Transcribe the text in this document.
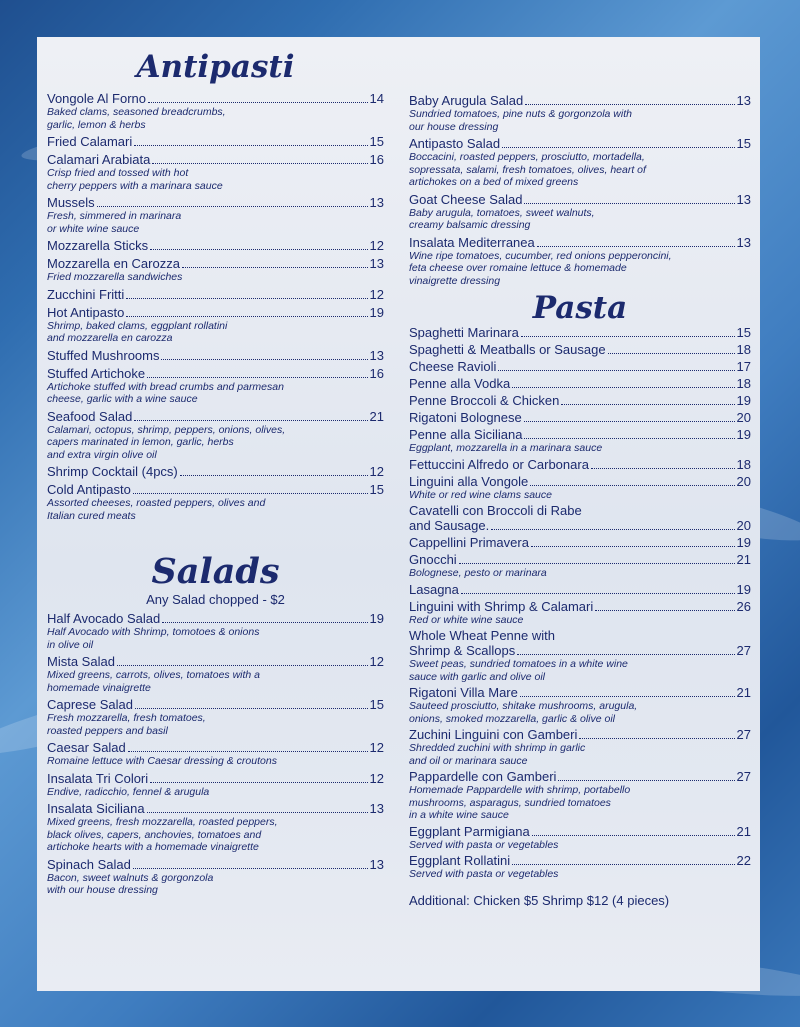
Antipasti
Vongole Al Forno	14
Baked clams, seasoned breadcrumbs,
garlic, lemon & herbs
Fried Calamari	15
Calamari Arabiata	16
Crisp fried and tossed with hot
cherry peppers with a marinara sauce
Mussels	13
Fresh, simmered in marinara
or white wine sauce
Mozzarella Sticks	12
Mozzarella en Carozza	13
Fried mozzarella sandwiches
Zucchini Fritti	12
Hot Antipasto	19
Shrimp, baked clams, eggplant rollatini
and mozzarella en carozza
Stuffed Mushrooms	13
Stuffed Artichoke	16
Artichoke stuffed with bread crumbs and parmesan
cheese, garlic with a wine sauce
Seafood Salad	21
Calamari, octopus, shrimp, peppers, onions, olives,
capers marinated in lemon, garlic, herbs
and extra virgin olive oil
Shrimp Cocktail (4pcs)	12
Cold Antipasto	15
Assorted cheeses, roasted peppers, olives and
Italian cured meats
Salads
Any Salad chopped - $2
Half Avocado Salad	19
Half Avocado with Shrimp, tomotoes & onions
in olive oil
Mista Salad	12
Mixed greens, carrots, olives, tomatoes with a
homemade vinaigrette
Caprese Salad	15
Fresh mozzarella, fresh tomatoes,
roasted peppers and basil
Caesar Salad	12
Romaine lettuce with Caesar dressing & croutons
Insalata Tri Colori	12
Endive, radicchio, fennel & arugula
Insalata Siciliana	13
Mixed greens, fresh mozzarella, roasted peppers,
black olives, capers, anchovies, tomatoes and
artichoke hearts with a homemade vinaigrette
Spinach Salad	13
Bacon, sweet walnuts & gorgonzola
with our house dressing
Baby Arugula Salad	13
Sundried tomatoes, pine nuts & gorgonzola with
our house dressing
Antipasto Salad	15
Boccacini, roasted peppers, prosciutto, mortadella,
sopressata, salami, fresh tomatoes, olives, heart of
artichokes on a bed of mixed greens
Goat Cheese Salad	13
Baby arugula, tomatoes, sweet walnuts,
creamy balsamic dressing
Insalata Mediterranea	13
Wine ripe tomatoes, cucumber, red onions pepperoncini,
feta cheese over romaine lettuce & homemade
vinaigrette dressing
Pasta
Spaghetti Marinara	15
Spaghetti & Meatballs or Sausage	18
Cheese Ravioli	17
Penne alla Vodka	18
Penne Broccoli & Chicken	19
Rigatoni Bolognese	20
Penne alla Siciliana	19
Eggplant, mozzarella in a marinara sauce
Fettuccini Alfredo or Carbonara	18
Linguini alla Vongole	20
White or red wine clams sauce
Cavatelli con Broccoli di Rabe
and Sausage.	20
Cappellini Primavera	19
Gnocchi	21
Bolognese, pesto or marinara
Lasagna	19
Linguini with Shrimp & Calamari	26
Red or white wine sauce
Whole Wheat Penne with
Shrimp & Scallops	27
Sweet peas, sundried tomatoes in a white wine
sauce with garlic and olive oil
Rigatoni Villa Mare	21
Sauteed prosciutto, shitake mushrooms, arugula,
onions, smoked mozzarella, garlic & olive oil
Zuchini Linguini con Gamberi	27
Shredded zuchini with shrimp in garlic
and oil or marinara sauce
Pappardelle con Gamberi	27
Homemade Pappardelle with shrimp, portabello
mushrooms, asparagus, sundried tomatoes
in a white wine sauce
Eggplant Parmigiana	21
Served with pasta or vegetables
Eggplant Rollatini	22
Served with pasta or vegetables
Additional: Chicken $5 Shrimp $12 (4 pieces)
